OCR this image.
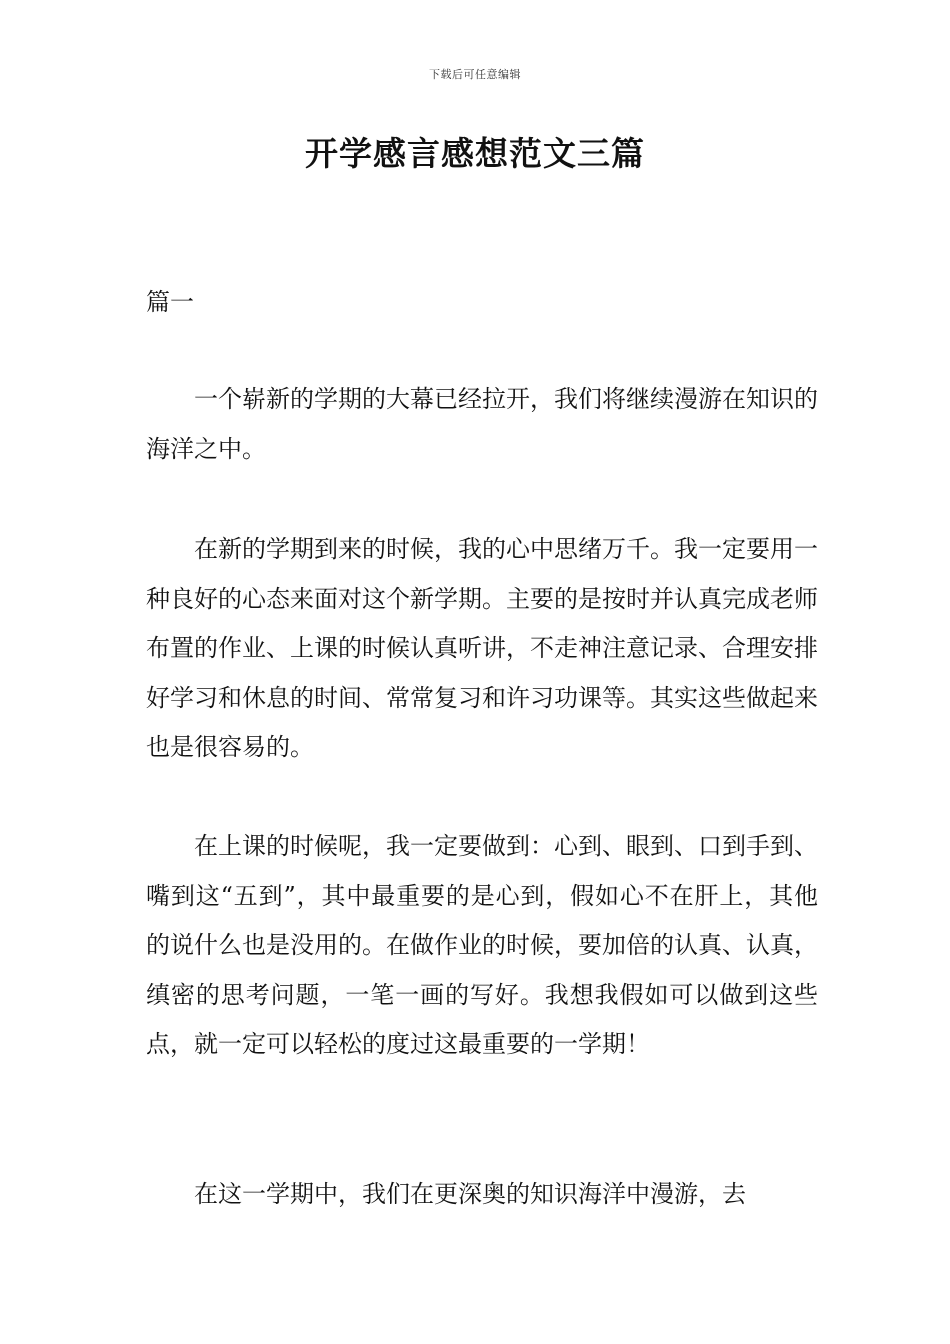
下载后可任意编辑
开学感言感想范文三篇
篇一

一个崭新的学期的大幕已经拉开，我们将继续漫游在知识的海洋之中。

在新的学期到来的时候，我的心中思绪万千。我一定要用一种良好的心态来面对这个新学期。主要的是按时并认真完成老师布置的作业、上课的时候认真听讲，不走神注意记录、合理安排好学习和休息的时间、常常复习和许习功课等。其实这些做起来也是很容易的。

在上课的时候呢，我一定要做到：心到、眼到、口到手到、嘴到这“五到”，其中最重要的是心到，假如心不在肝上，其他的说什么也是没用的。在做作业的时候，要加倍的认真、认真，缜密的思考问题，一笔一画的写好。我想我假如可以做到这些点，就一定可以轻松的度过这最重要的一学期！

在这一学期中，我们在更深奥的知识海洋中漫游，去
